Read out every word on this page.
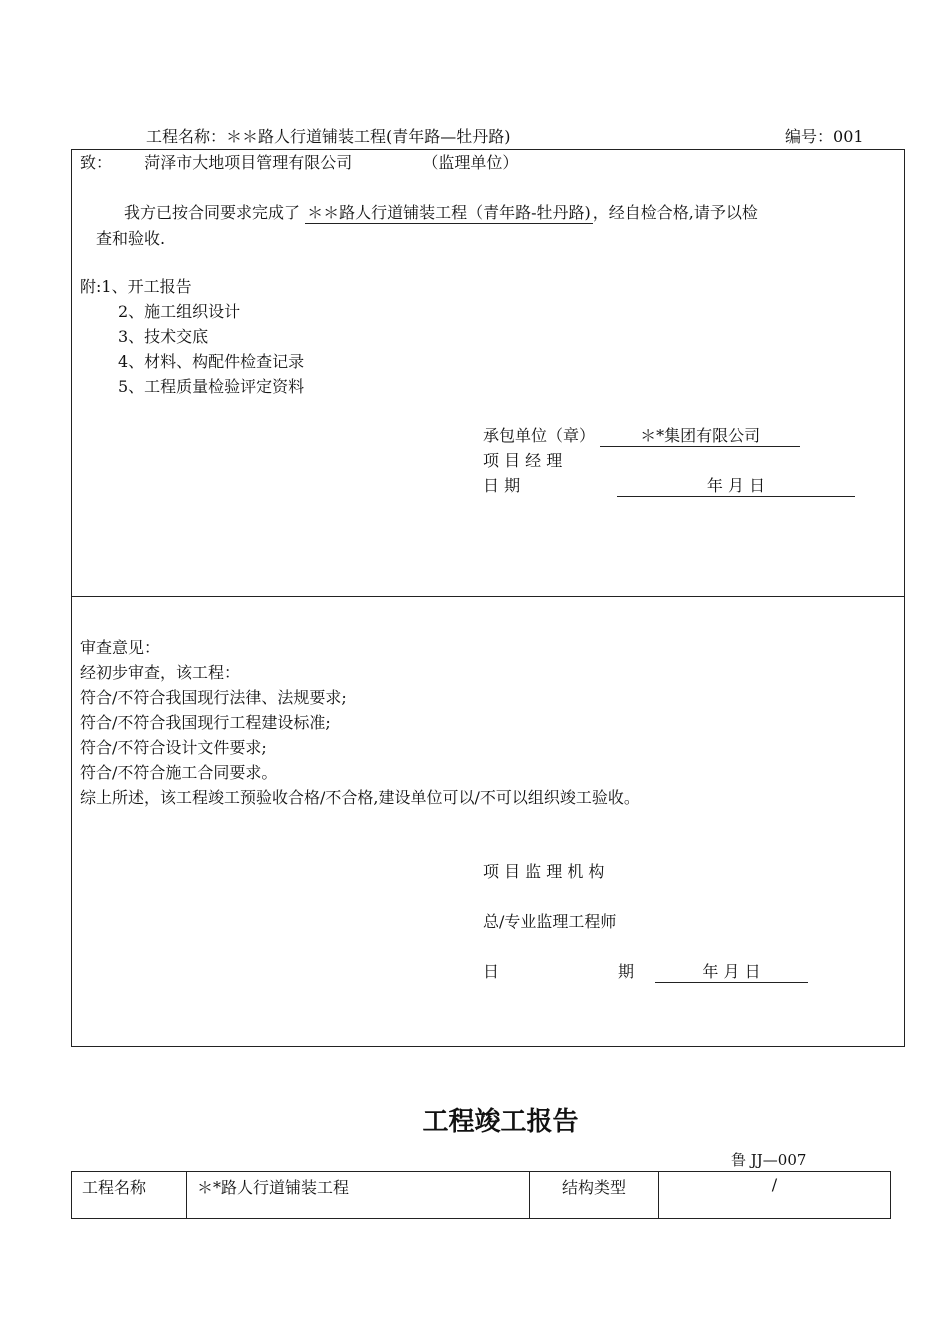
工程名称：＊＊路人行道铺装工程(青年路—牡丹路)	编号：001
致： 菏泽市大地项目管理有限公司	（监理单位）
我方已按合同要求完成了 ＊＊路人行道铺装工程（青年路-牡丹路) ，经自检合格,请予以检
查和验收.
附:1、开工报告
2、施工组织设计
3、技术交底
4、材料、构配件检查记录
5、工程质量检验评定资料
承包单位（章）	＊*集团有限公司
项 目 经 理
日 期	年 月 日
审查意见：
经初步审查，该工程：
符合/不符合我国现行法律、法规要求;
符合/不符合我国现行工程建设标准;
符合/不符合设计文件要求;
符合/不符合施工合同要求。
综上所述，该工程竣工预验收合格/不合格,建设单位可以/不可以组织竣工验收。
项 目 监 理 机 构
总/专业监理工程师
日	期	年 月 日
工程竣工报告
鲁 JJ—007
工程名称	＊*路人行道铺装工程	结构类型	/
